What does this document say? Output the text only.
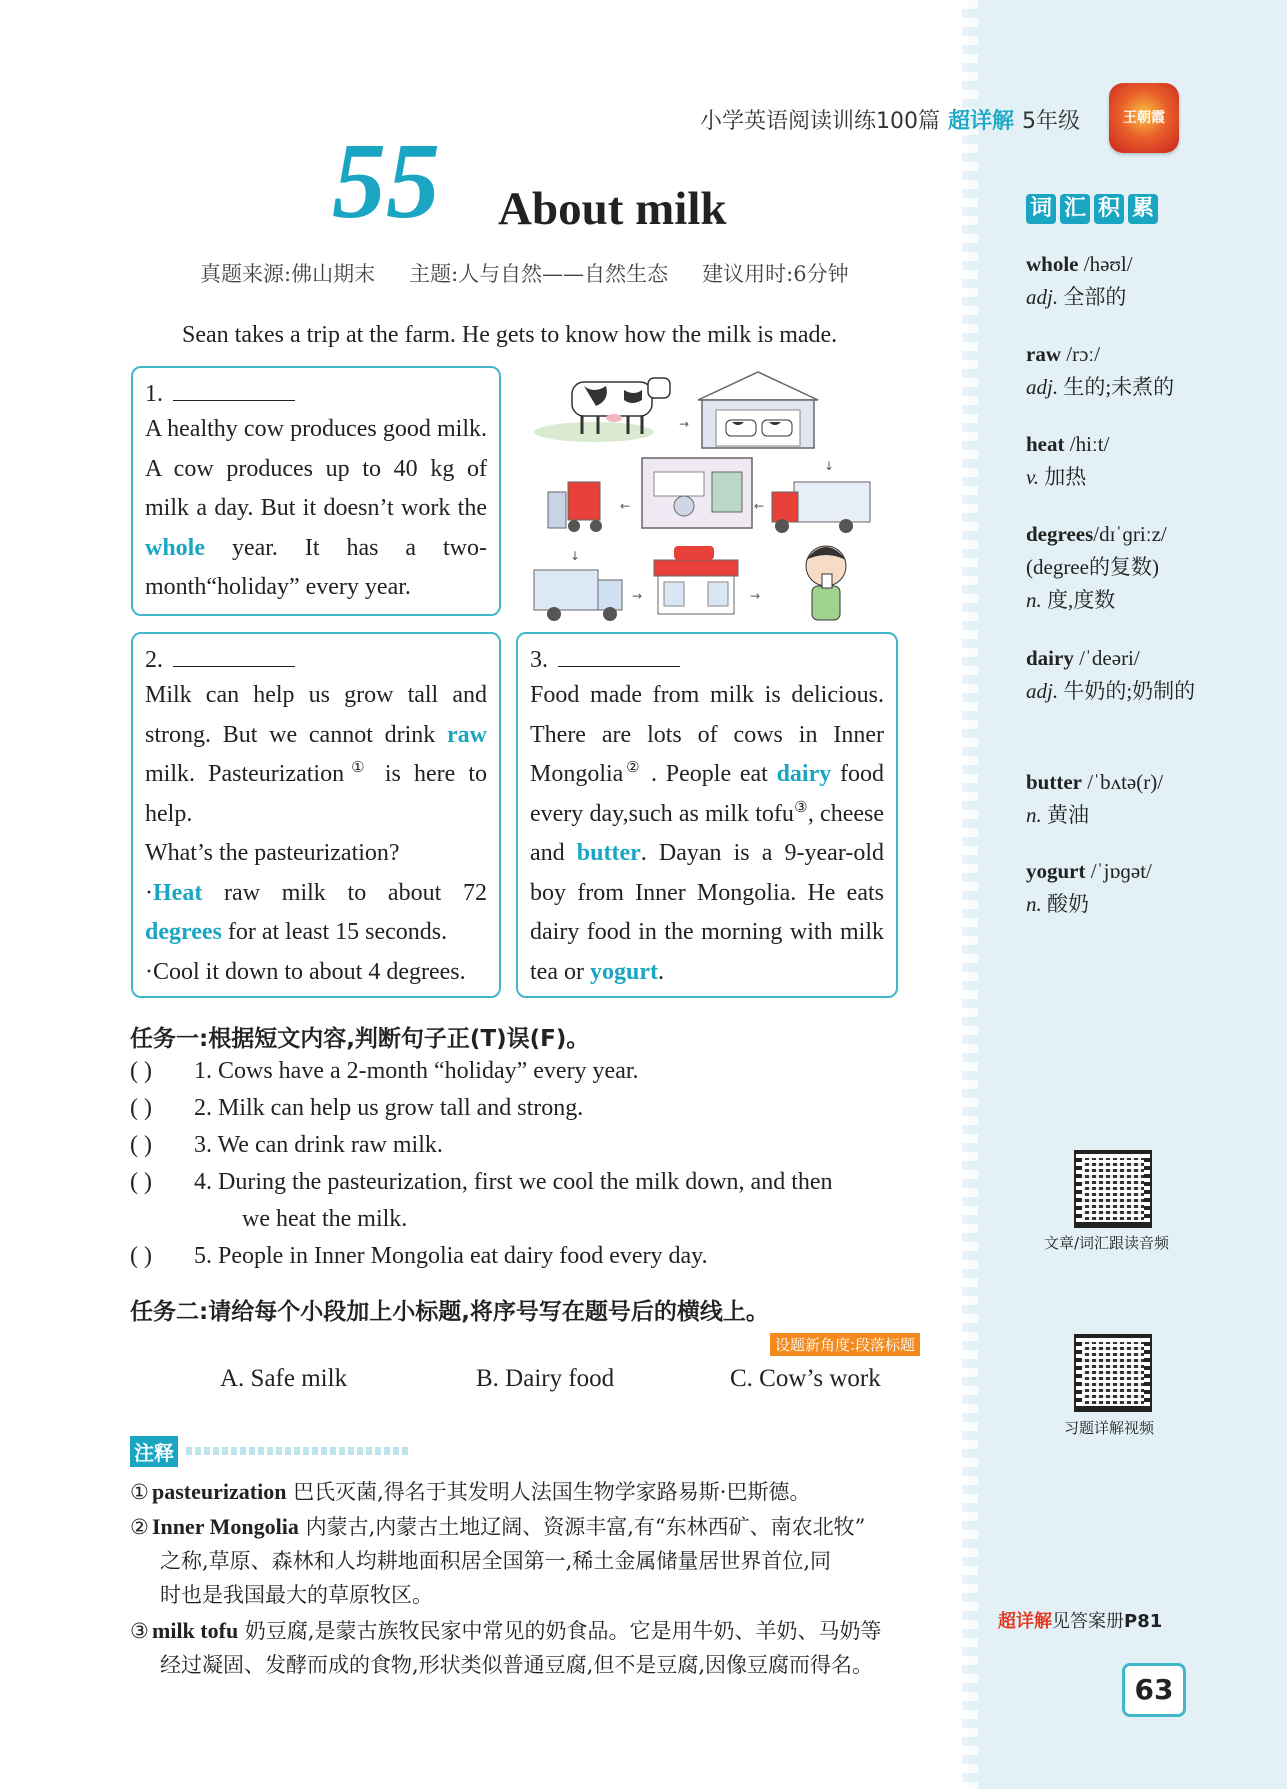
小学英语阅读训练100篇 超详解 5年级	王朝霞
55 About milk
真题来源:佛山期末 主题:人与自然——自然生态 建议用时:6分钟
Sean takes a trip at the farm. He gets to know how the milk is made.
1.
A healthy cow produces good milk. A cow produces up to 40 kg of milk a day. But it doesn’t work the whole year. It has a two-month“holiday” every year.
→
↓
←
←
↓
→	→
2.
Milk can help us grow tall and strong. But we cannot drink raw milk. Pasteurization① is here to help.
What’s the pasteurization?
·Heat raw milk to about 72 degrees for at least 15 seconds.
·Cool it down to about 4 degrees.
3.
Food made from milk is delicious. There are lots of cows in Inner Mongolia② . People eat dairy food every day,such as milk tofu③, cheese and butter. Dayan is a 9-year-old boy from Inner Mongolia. He eats dairy food in the morning with milk tea or yogurt.
词 汇 积 累
whole /həʊl/
adj. 全部的
raw /rɔː/
adj. 生的;未煮的
heat /hiːt/
v. 加热
degrees/dɪˈɡriːz/
(degree的复数)
n. 度,度数
dairy /ˈdeəri/
adj. 牛奶的;奶制的
butter /ˈbʌtə(r)/
n. 黄油
yogurt /ˈjɒɡət/
n. 酸奶
任务一:根据短文内容,判断句子正(T)误(F)。
( ) 1. Cows have a 2-month “holiday” every year.
( ) 2. Milk can help us grow tall and strong.
( ) 3. We can drink raw milk.
( ) 4. During the pasteurization, first we cool the milk down, and then
we heat the milk.
( ) 5. People in Inner Mongolia eat dairy food every day.
任务二:请给每个小段加上小标题,将序号写在题号后的横线上。
设题新角度:段落标题
A. Safe milk	B. Dairy food	C. Cow’s work
注释
① pasteurization 巴氏灭菌,得名于其发明人法国生物学家路易斯·巴斯德。
② Inner Mongolia 内蒙古,内蒙古土地辽阔、资源丰富,有“东林西矿、南农北牧”
之称,草原、森林和人均耕地面积居全国第一,稀土金属储量居世界首位,同
时也是我国最大的草原牧区。
③ milk tofu 奶豆腐,是蒙古族牧民家中常见的奶食品。它是用牛奶、羊奶、马奶等
经过凝固、发酵而成的食物,形状类似普通豆腐,但不是豆腐,因像豆腐而得名。
文章/词汇跟读音频
习题详解视频
超详解见答案册P81
63
